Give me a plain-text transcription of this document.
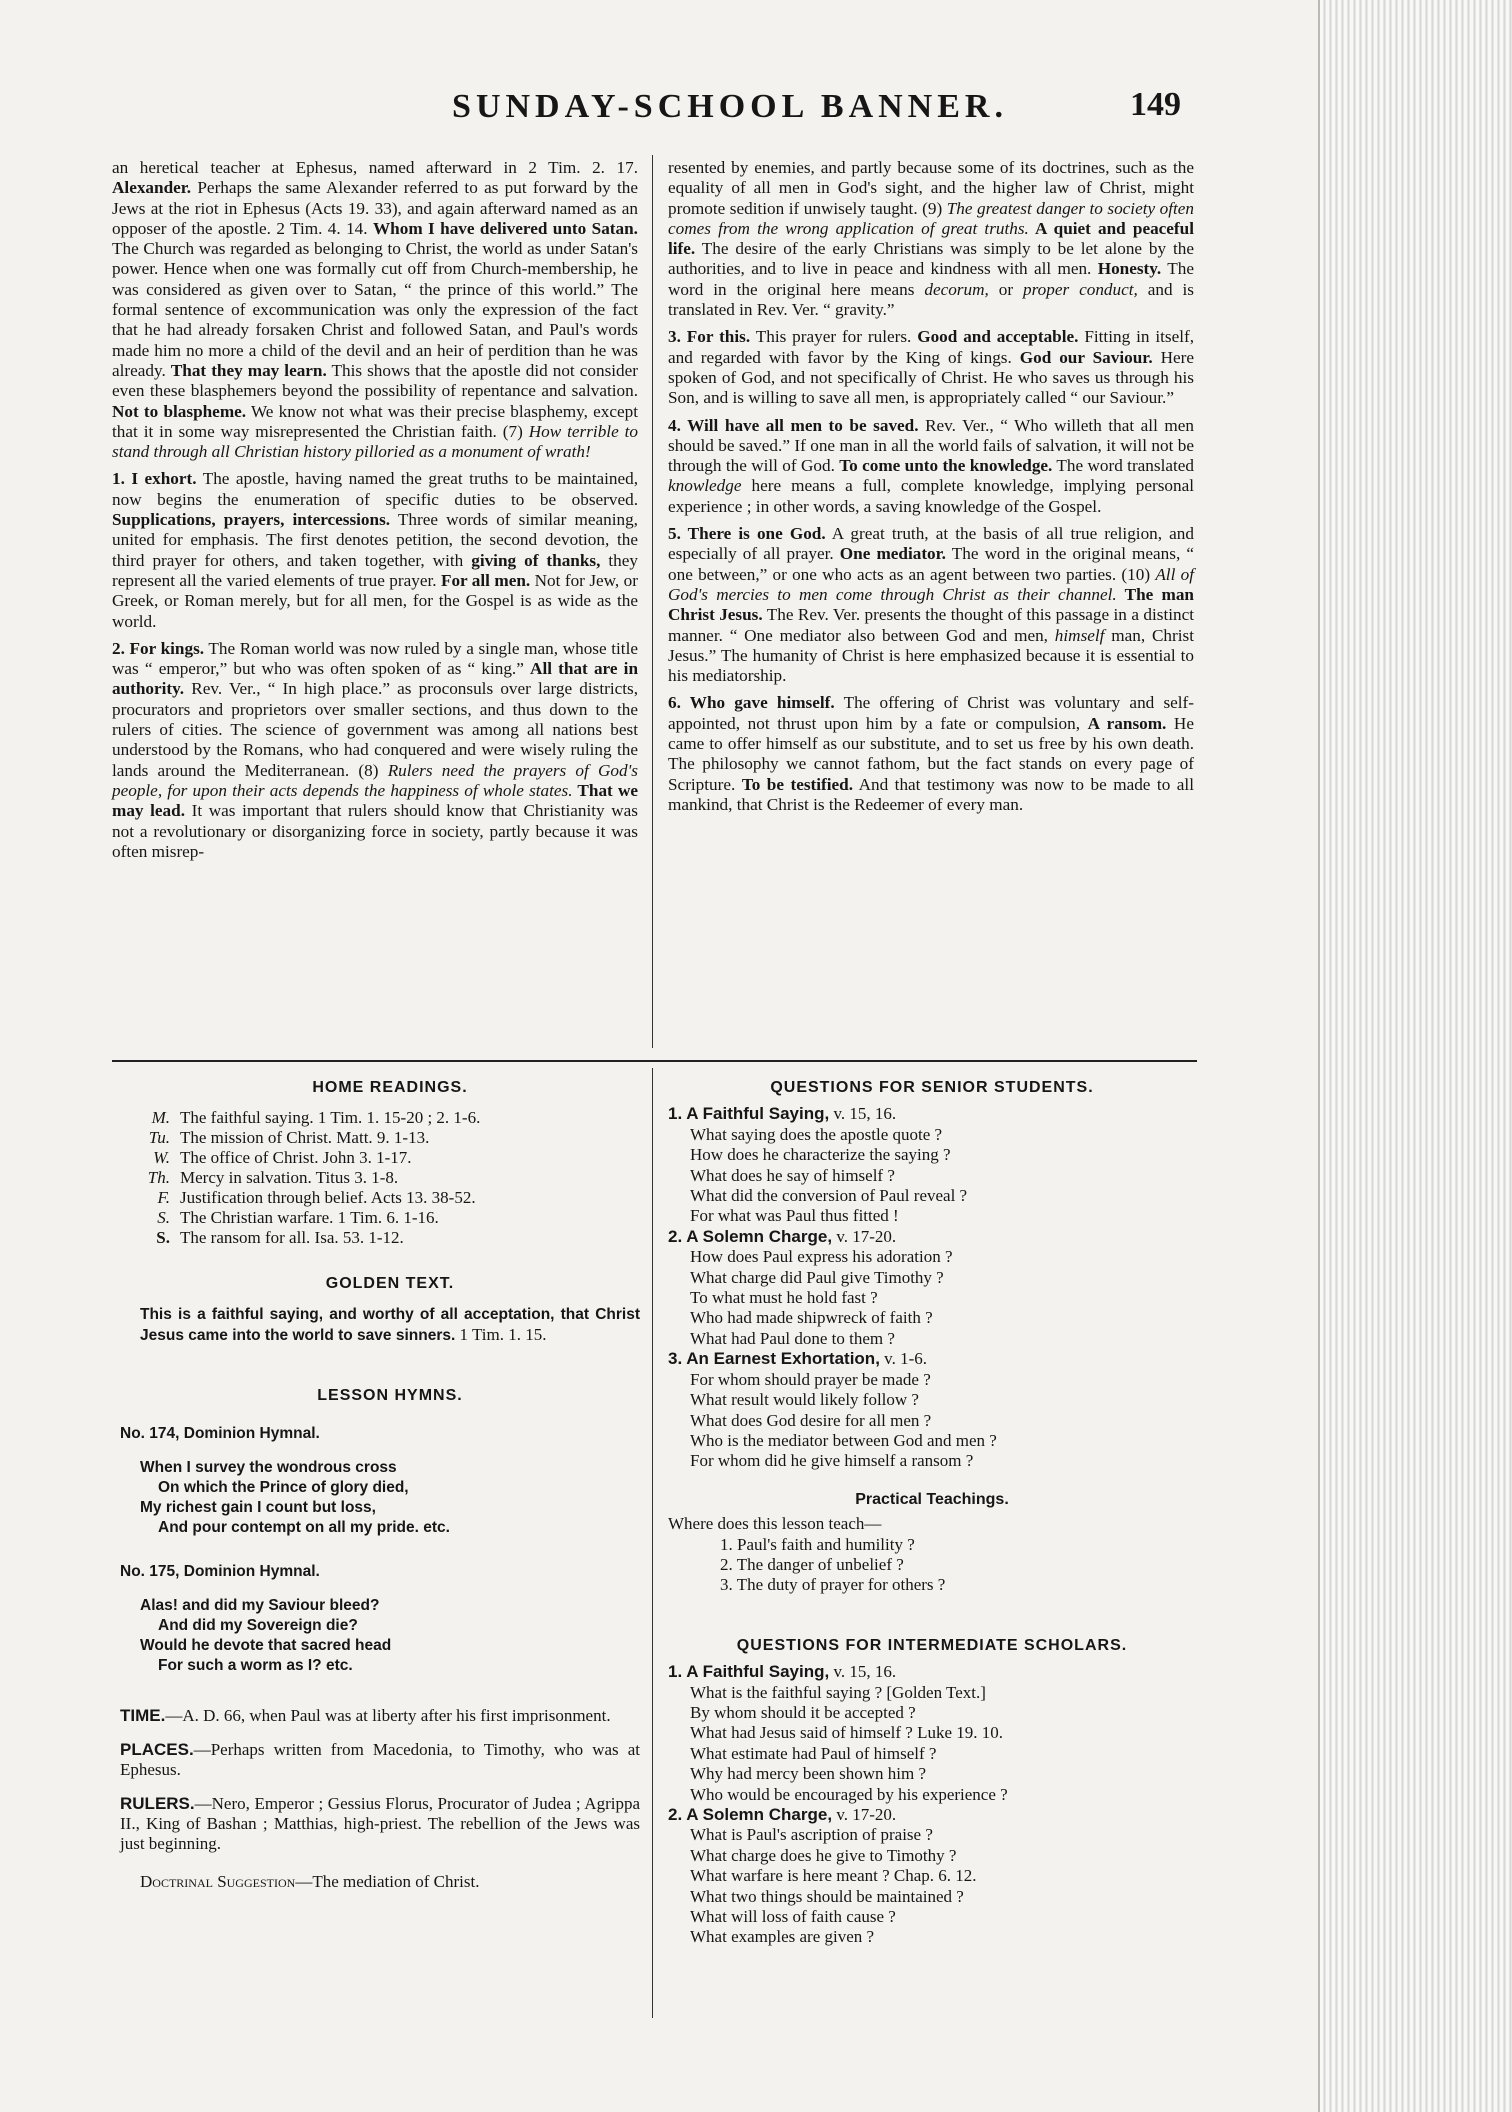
SUNDAY-SCHOOL BANNER.	149

an heretical teacher at Ephesus, named afterward in 2 Tim. 2. 17. Alexander. Perhaps the same Alexander referred to as put forward by the Jews at the riot in Ephesus (Acts 19. 33), and again afterward named as an opposer of the apostle. 2 Tim. 4. 14. Whom I have delivered unto Satan. The Church was regarded as belonging to Christ, the world as under Satan's power. Hence when one was formally cut off from Church-membership, he was considered as given over to Satan, “ the prince of this world.” The formal sentence of excommunication was only the expression of the fact that he had already forsaken Christ and followed Satan, and Paul's words made him no more a child of the devil and an heir of perdition than he was already. That they may learn. This shows that the apostle did not consider even these blasphemers beyond the possibility of repentance and salvation. Not to blaspheme. We know not what was their precise blasphemy, except that it in some way misrepresented the Christian faith. (7) How terrible to stand through all Christian history pilloried as a monument of wrath!

1. I exhort. The apostle, having named the great truths to be maintained, now begins the enumeration of specific duties to be observed. Supplications, prayers, intercessions. Three words of similar meaning, united for emphasis. The first denotes petition, the second devotion, the third prayer for others, and taken together, with giving of thanks, they represent all the varied elements of true prayer. For all men. Not for Jew, or Greek, or Roman merely, but for all men, for the Gospel is as wide as the world.

2. For kings. The Roman world was now ruled by a single man, whose title was “ emperor,” but who was often spoken of as “ king.” All that are in authority. Rev. Ver., “ In high place.” as proconsuls over large districts, procurators and proprietors over smaller sections, and thus down to the rulers of cities. The science of government was among all nations best understood by the Romans, who had conquered and were wisely ruling the lands around the Mediterranean. (8) Rulers need the prayers of God's people, for upon their acts depends the happiness of whole states. That we may lead. It was important that rulers should know that Christianity was not a revolutionary or disorganizing force in society, partly because it was often misrep-

resented by enemies, and partly because some of its doctrines, such as the equality of all men in God's sight, and the higher law of Christ, might promote sedition if unwisely taught. (9) The greatest danger to society often comes from the wrong application of great truths. A quiet and peaceful life. The desire of the early Christians was simply to be let alone by the authorities, and to live in peace and kindness with all men. Honesty. The word in the original here means decorum, or proper conduct, and is translated in Rev. Ver. “ gravity.”

3. For this. This prayer for rulers. Good and acceptable. Fitting in itself, and regarded with favor by the King of kings. God our Saviour. Here spoken of God, and not specifically of Christ. He who saves us through his Son, and is willing to save all men, is appropriately called “ our Saviour.”

4. Will have all men to be saved. Rev. Ver., “ Who willeth that all men should be saved.” If one man in all the world fails of salvation, it will not be through the will of God. To come unto the knowledge. The word translated knowledge here means a full, complete knowledge, implying personal experience ; in other words, a saving knowledge of the Gospel.

5. There is one God. A great truth, at the basis of all true religion, and especially of all prayer. One mediator. The word in the original means, “ one between,” or one who acts as an agent between two parties. (10) All of God's mercies to men come through Christ as their channel. The man Christ Jesus. The Rev. Ver. presents the thought of this passage in a distinct manner. “ One mediator also between God and men, himself man, Christ Jesus.” The humanity of Christ is here emphasized because it is essential to his mediatorship.

6. Who gave himself. The offering of Christ was voluntary and self-appointed, not thrust upon him by a fate or compulsion, A ransom. He came to offer himself as our substitute, and to set us free by his own death. The philosophy we cannot fathom, but the fact stands on every page of Scripture. To be testified. And that testimony was now to be made to all mankind, that Christ is the Redeemer of every man.

HOME READINGS.
M. The faithful saying. 1 Tim. 1. 15-20 ; 2. 1-6.
Tu. The mission of Christ. Matt. 9. 1-13.
W. The office of Christ. John 3. 1-17.
Th. Mercy in salvation. Titus 3. 1-8.
F. Justification through belief. Acts 13. 38-52.
S. The Christian warfare. 1 Tim. 6. 1-16.
S. The ransom for all. Isa. 53. 1-12.
GOLDEN TEXT.
This is a faithful saying, and worthy of all acceptation, that Christ Jesus came into the world to save sinners. 1 Tim. 1. 15.
LESSON HYMNS.
No. 174, Dominion Hymnal.
When I survey the wondrous cross
On which the Prince of glory died,
My richest gain I count but loss,
And pour contempt on all my pride. etc.
No. 175, Dominion Hymnal.
Alas! and did my Saviour bleed?
And did my Sovereign die?
Would he devote that sacred head
For such a worm as I? etc.
TIME.—A. D. 66, when Paul was at liberty after his first imprisonment.
PLACES.—Perhaps written from Macedonia, to Timothy, who was at Ephesus.
RULERS.—Nero, Emperor ; Gessius Florus, Procurator of Judea ; Agrippa II., King of Bashan ; Matthias, high-priest. The rebellion of the Jews was just beginning.
Doctrinal Suggestion—The mediation of Christ.
QUESTIONS FOR SENIOR STUDENTS.
1. A Faithful Saying, v. 15, 16.
What saying does the apostle quote ?
How does he characterize the saying ?
What does he say of himself ?
What did the conversion of Paul reveal ?
For what was Paul thus fitted !
2. A Solemn Charge, v. 17-20.
How does Paul express his adoration ?
What charge did Paul give Timothy ?
To what must he hold fast ?
Who had made shipwreck of faith ?
What had Paul done to them ?
3. An Earnest Exhortation, v. 1-6.
For whom should prayer be made ?
What result would likely follow ?
What does God desire for all men ?
Who is the mediator between God and men ?
For whom did he give himself a ransom ?
Practical Teachings.
Where does this lesson teach—
1. Paul's faith and humility ?
2. The danger of unbelief ?
3. The duty of prayer for others ?
QUESTIONS FOR INTERMEDIATE SCHOLARS.
1. A Faithful Saying, v. 15, 16.
What is the faithful saying ? [Golden Text.]
By whom should it be accepted ?
What had Jesus said of himself ? Luke 19. 10.
What estimate had Paul of himself ?
Why had mercy been shown him ?
Who would be encouraged by his experience ?
2. A Solemn Charge, v. 17-20.
What is Paul's ascription of praise ?
What charge does he give to Timothy ?
What warfare is here meant ? Chap. 6. 12.
What two things should be maintained ?
What will loss of faith cause ?
What examples are given ?
